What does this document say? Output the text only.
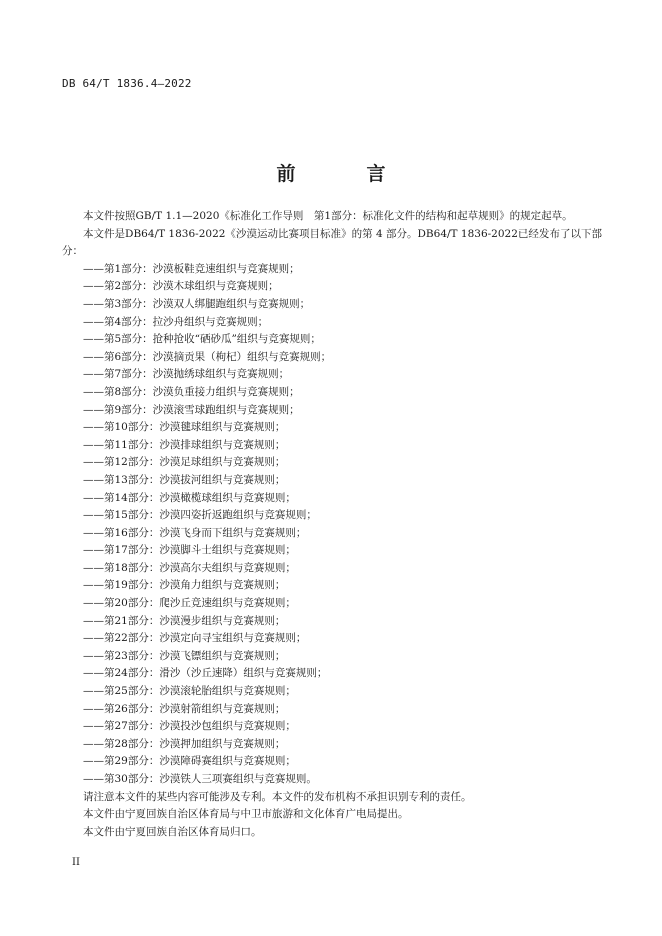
DB 64/T 1836.4—2022
前　言

本文件按照GB/T 1.1—2020《标准化工作导则　第1部分：标准化文件的结构和起草规则》的规定起草。

本文件是DB64/T 1836-2022《沙漠运动比赛项目标准》的第 4 部分。DB64/T 1836-2022已经发布了以下部分：

——第1部分：沙漠板鞋竞速组织与竞赛规则；
——第2部分：沙漠木球组织与竞赛规则；
——第3部分：沙漠双人绑腿跑组织与竞赛规则；
——第4部分：拉沙舟组织与竞赛规则；
——第5部分：抢种抢收“硒砂瓜”组织与竞赛规则；
——第6部分：沙漠摘贡果（枸杞）组织与竞赛规则；
——第7部分：沙漠抛绣球组织与竞赛规则；
——第8部分：沙漠负重接力组织与竞赛规则；
——第9部分：沙漠滚雪球跑组织与竞赛规则；
——第10部分：沙漠毽球组织与竞赛规则；
——第11部分：沙漠排球组织与竞赛规则；
——第12部分：沙漠足球组织与竞赛规则；
——第13部分：沙漠拔河组织与竞赛规则；
——第14部分：沙漠橄榄球组织与竞赛规则；
——第15部分：沙漠四姿折返跑组织与竞赛规则；
——第16部分：沙漠飞身而下组织与竞赛规则；
——第17部分：沙漠脚斗士组织与竞赛规则；
——第18部分：沙漠高尔夫组织与竞赛规则；
——第19部分：沙漠角力组织与竞赛规则；
——第20部分：爬沙丘竞速组织与竞赛规则；
——第21部分：沙漠漫步组织与竞赛规则；
——第22部分：沙漠定向寻宝组织与竞赛规则；
——第23部分：沙漠飞镖组织与竞赛规则；
——第24部分：滑沙（沙丘速降）组织与竞赛规则；
——第25部分：沙漠滚轮胎组织与竞赛规则；
——第26部分：沙漠射箭组织与竞赛规则；
——第27部分：沙漠投沙包组织与竞赛规则；
——第28部分：沙漠押加组织与竞赛规则；
——第29部分：沙漠障碍赛组织与竞赛规则；
——第30部分：沙漠铁人三项赛组织与竞赛规则。

请注意本文件的某些内容可能涉及专利。本文件的发布机构不承担识别专利的责任。

本文件由宁夏回族自治区体育局与中卫市旅游和文化体育广电局提出。

本文件由宁夏回族自治区体育局归口。

II
